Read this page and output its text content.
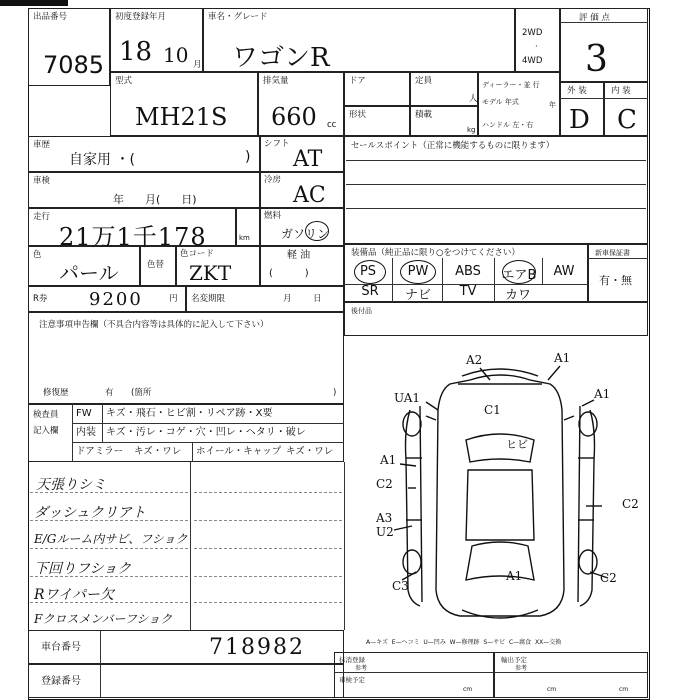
出品番号
7085
初度登録年月
18 10 月
車名・グレード
ワゴンR
2WD
·
4WD
評 価 点
3
型式
MH21S
排気量
660 cc
ドア	定員
人
ディーラー・並 行
モデル 年式	年
ハンドル 左・右
形状	積載
kg
外 装
D
内 装
C
車歴
自家用 ・(	)
シフト
AT
車検
年      月(      日)
冷房
AC
走行
21万1千178	km
燃料
ガソリン
色
パール	色替
色コード
ZKT
軽 油
(          )
R券 9200	円 名変期限	月        日
セールスポイント（正常に機能するものに限ります）
装備品（純正品に限り○をつけてください）	新車保証書
有・無
PS	PW	ABS	エアB	AW
SR	ナビ	TV	カワ
後付品
注意事項申告欄（不具合内容等は具体的に記入して下さい）
修復歴	有 (箇所	)
検査員
記入欄
FW キズ・飛石・ヒビ割・リペア跡・X要
内装 キズ・汚レ・コゲ・穴・凹レ・ヘタリ・破レ
ドアミラー キズ・ワレ ホイール・キャップ キズ・ワレ
天張りシミ
ダッシュクリアト
E/Gルーム内サビ、フショク
下回りフショク
Rワイパー欠
Fクロスメンバーフショク
車台番号	718982
登録番号
A2	A1
UA1
C1
ヒビ
A1
A1
C2
C2
A3
U2
C3
C2
A1
A—キズ  E—ヘコミ  U—凹み  W—修理跡  S—サビ  C—腐食  XX—交換
抹消登録
参考
車検予定
cm
輸出予定
参考
cm	cm
